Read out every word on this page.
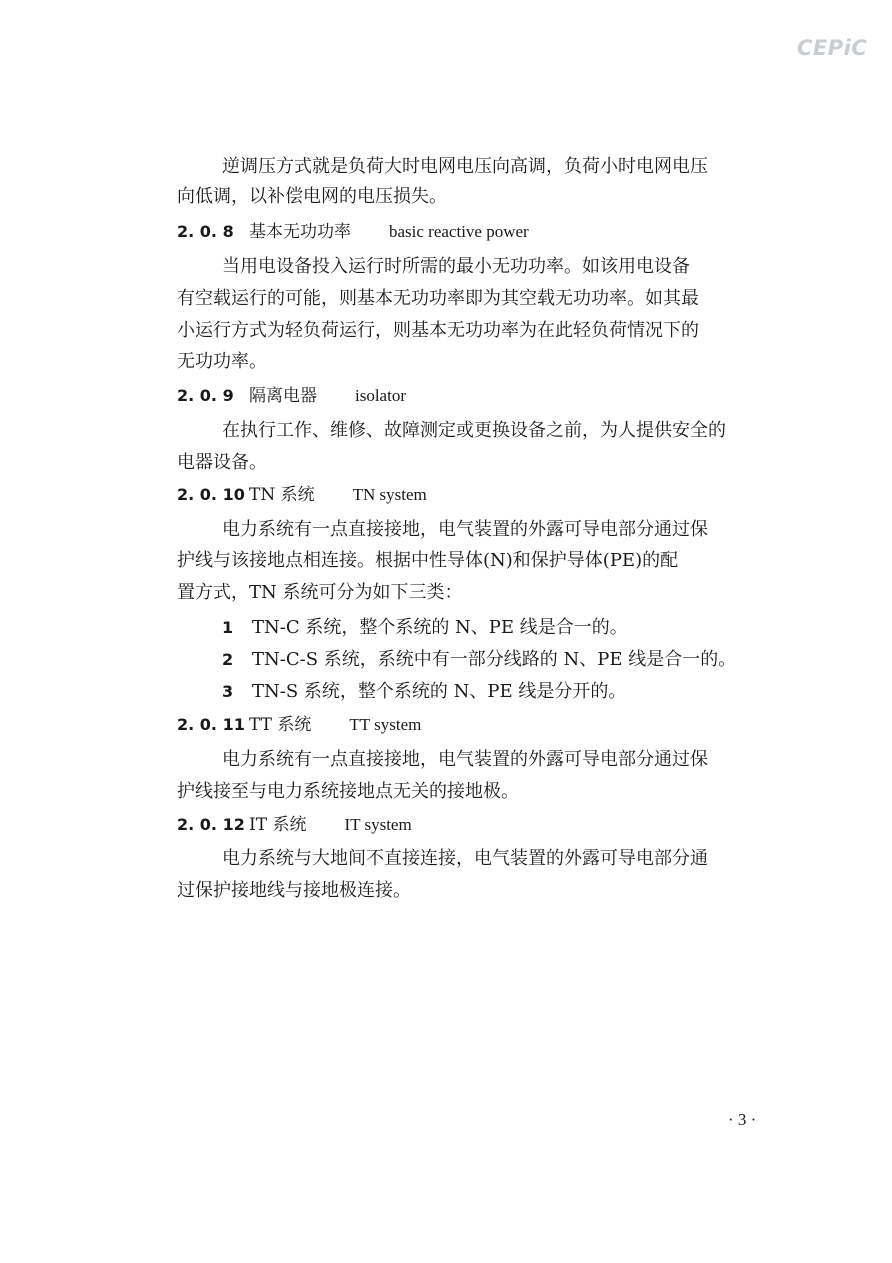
CEPiC
逆调压方式就是负荷大时电网电压向高调，负荷小时电网电压
向低调，以补偿电网的电压损失。
2. 0. 8 基本无功功率 basic reactive power
当用电设备投入运行时所需的最小无功功率。如该用电设备
有空载运行的可能，则基本无功功率即为其空载无功功率。如其最
小运行方式为轻负荷运行，则基本无功功率为在此轻负荷情况下的
无功功率。
2. 0. 9 隔离电器 isolator
在执行工作、维修、故障测定或更换设备之前，为人提供安全的
电器设备。
2. 0. 10 TN 系统 TN system
电力系统有一点直接接地，电气装置的外露可导电部分通过保
护线与该接地点相连接。根据中性导体(N)和保护导体(PE)的配
置方式，TN 系统可分为如下三类：
1 TN-C 系统，整个系统的 N、PE 线是合一的。
2 TN-C-S 系统，系统中有一部分线路的 N、PE 线是合一的。
3 TN-S 系统，整个系统的 N、PE 线是分开的。
2. 0. 11 TT 系统 TT system
电力系统有一点直接接地，电气装置的外露可导电部分通过保
护线接至与电力系统接地点无关的接地极。
2. 0. 12 IT 系统 IT system
电力系统与大地间不直接连接，电气装置的外露可导电部分通
过保护接地线与接地极连接。
· 3 ·
